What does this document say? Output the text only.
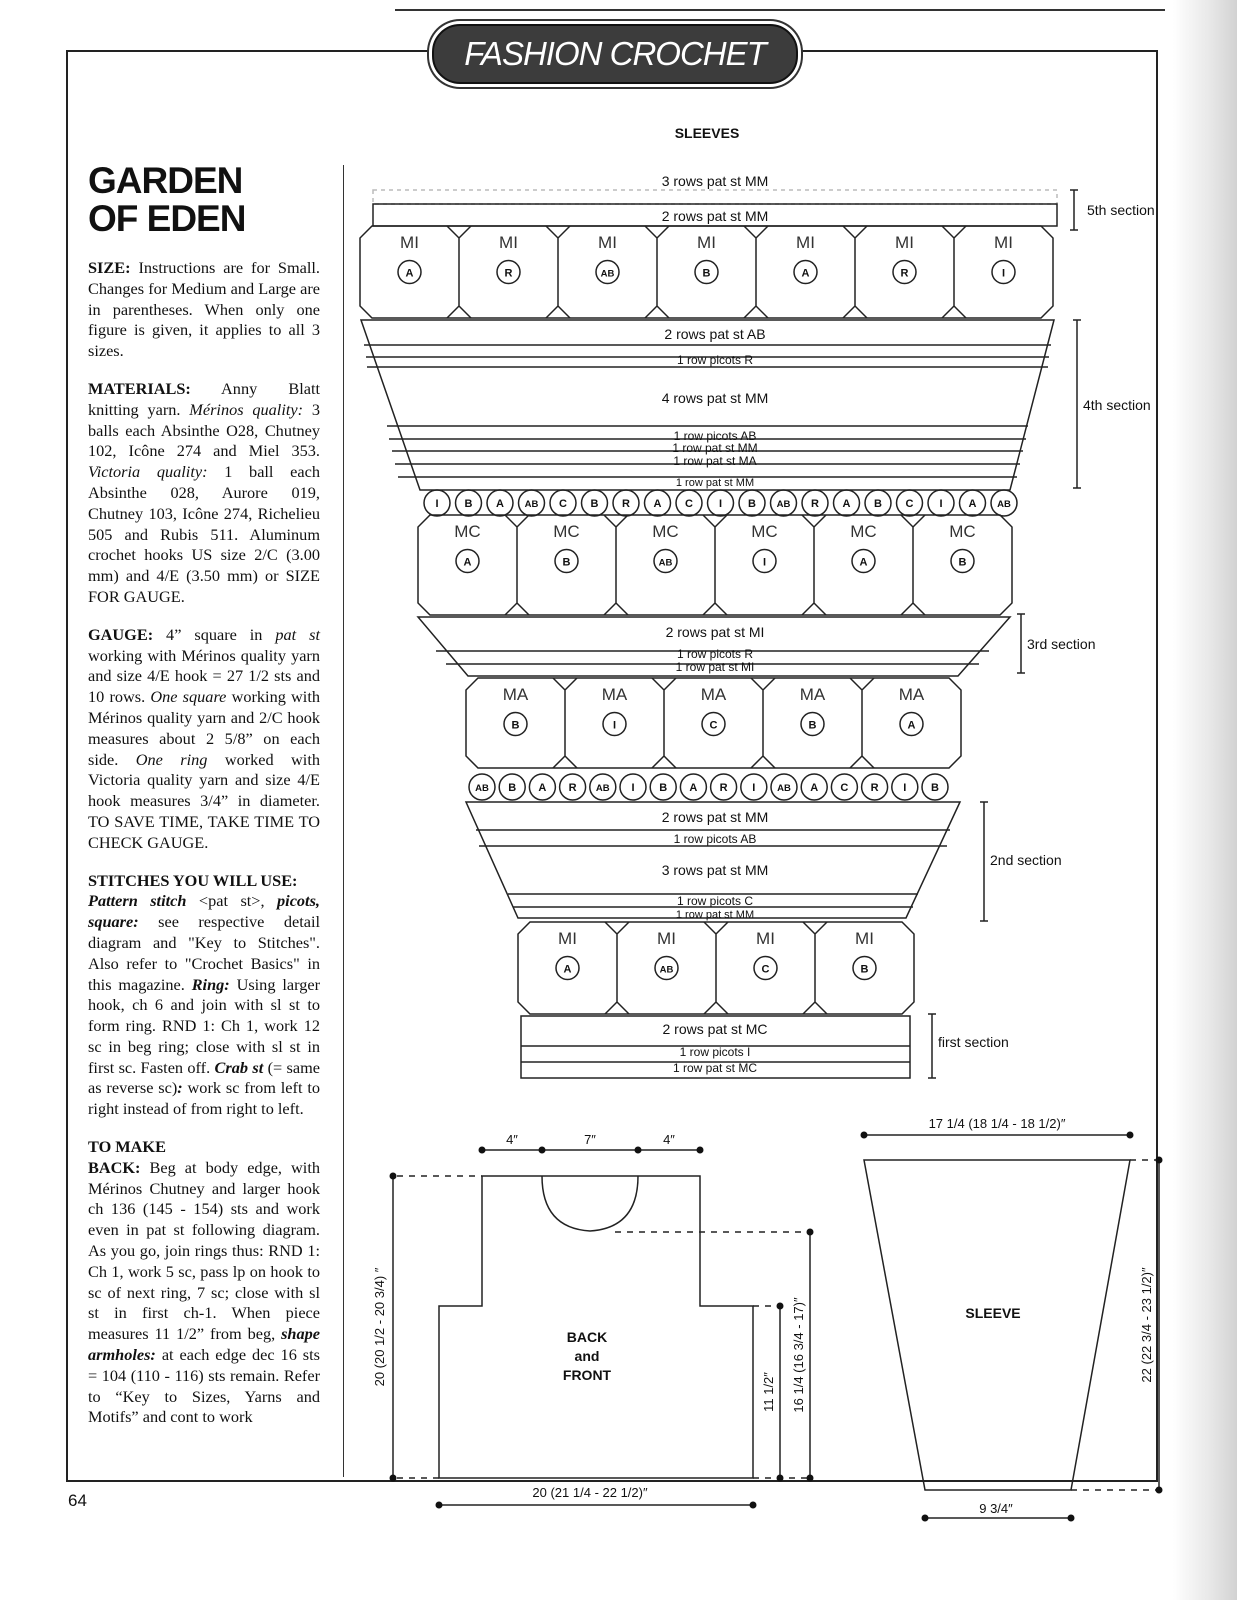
FASHION CROCHET
GARDEN
OF EDEN

SIZE: Instructions are for Small. Changes for Medium and Large are in parentheses. When only one figure is given, it applies to all 3 sizes.

MATERIALS: Anny Blatt knitting yarn. Mérinos quality: 3 balls each Absinthe O28, Chutney 102, Icône 274 and Miel 353. Victoria quality: 1 ball each Absinthe 028, Aurore 019, Chutney 103, Icône 274, Richelieu 505 and Rubis 511. Aluminum crochet hooks US size 2/C (3.00 mm) and 4/E (3.50 mm) or SIZE FOR GAUGE.

GAUGE: 4” square in pat st working with Mérinos quality yarn and size 4/E hook = 27 1/2 sts and 10 rows. One square working with Mérinos quality yarn and 2/C hook measures about 2 5/8” on each side. One ring worked with Victoria quality yarn and size 4/E hook measures 3/4” in diameter. TO SAVE TIME, TAKE TIME TO CHECK GAUGE.

STITCHES YOU WILL USE:
Pattern stitch <pat st>, picots, square: see respective detail diagram and "Key to Stitches". Also refer to "Crochet Basics" in this magazine. Ring: Using larger hook, ch 6 and join with sl st to form ring. RND 1: Ch 1, work 12 sc in beg ring; close with sl st in first sc. Fasten off. Crab st (= same as reverse sc): work sc from left to right instead of from right to left.

TO MAKE
BACK: Beg at body edge, with Mérinos Chutney and larger hook ch 136 (145 - 154) sts and work even in pat st following diagram. As you go, join rings thus: RND 1: Ch 1, work 5 sc, pass lp on hook to sc of next ring, 7 sc; close with sl st in first ch-1. When piece measures 11 1/2” from beg, shape armholes: at each edge dec 16 sts = 104 (110 - 116) sts remain. Refer to “Key to Sizes, Yarns and Motifs” and cont to work

64
SLEEVES
3 rows pat st MM
2 rows pat st MM
MI
A
MI
R
MI
AB
MI
B
MI
A
MI
R
MI
I
2 rows pat st AB
1 row picots R
4 rows pat st MM
1 row picots AB
1 row pat st MM
1 row pat st MA
1 row pat st MM
I B A AB C B R A C I B AB R A B C I A AB
MC
A
MC
B
MC
AB
MC
I
MC
A
MC
B
2 rows pat st MI
1 row picots R
1 row pat st MI
MA
B
MA
I
MA
C
MA
B
MA
A
AB B A R AB I B A R I AB A C R I B
2 rows pat st MM
1 row picots AB
3 rows pat st MM
1 row picots C
1 row pat st MM
MI
A
MI
AB
MI
C
MI
B
2 rows pat st MC
1 row picots I
1 row pat st MC
5th section
4th section
3rd section
2nd section
first section
BACK
and
FRONT
4″	7″	4″
20 (21 1/4 - 22 1/2)″
20 (20 1/2 - 20 3/4) ″
11 1/2″ 16 1/4 (16 3/4 - 17)″	SLEEVE
17 1/4 (18 1/4 - 18 1/2)″
9 3/4″
22 (22 3/4 - 23 1/2)″
